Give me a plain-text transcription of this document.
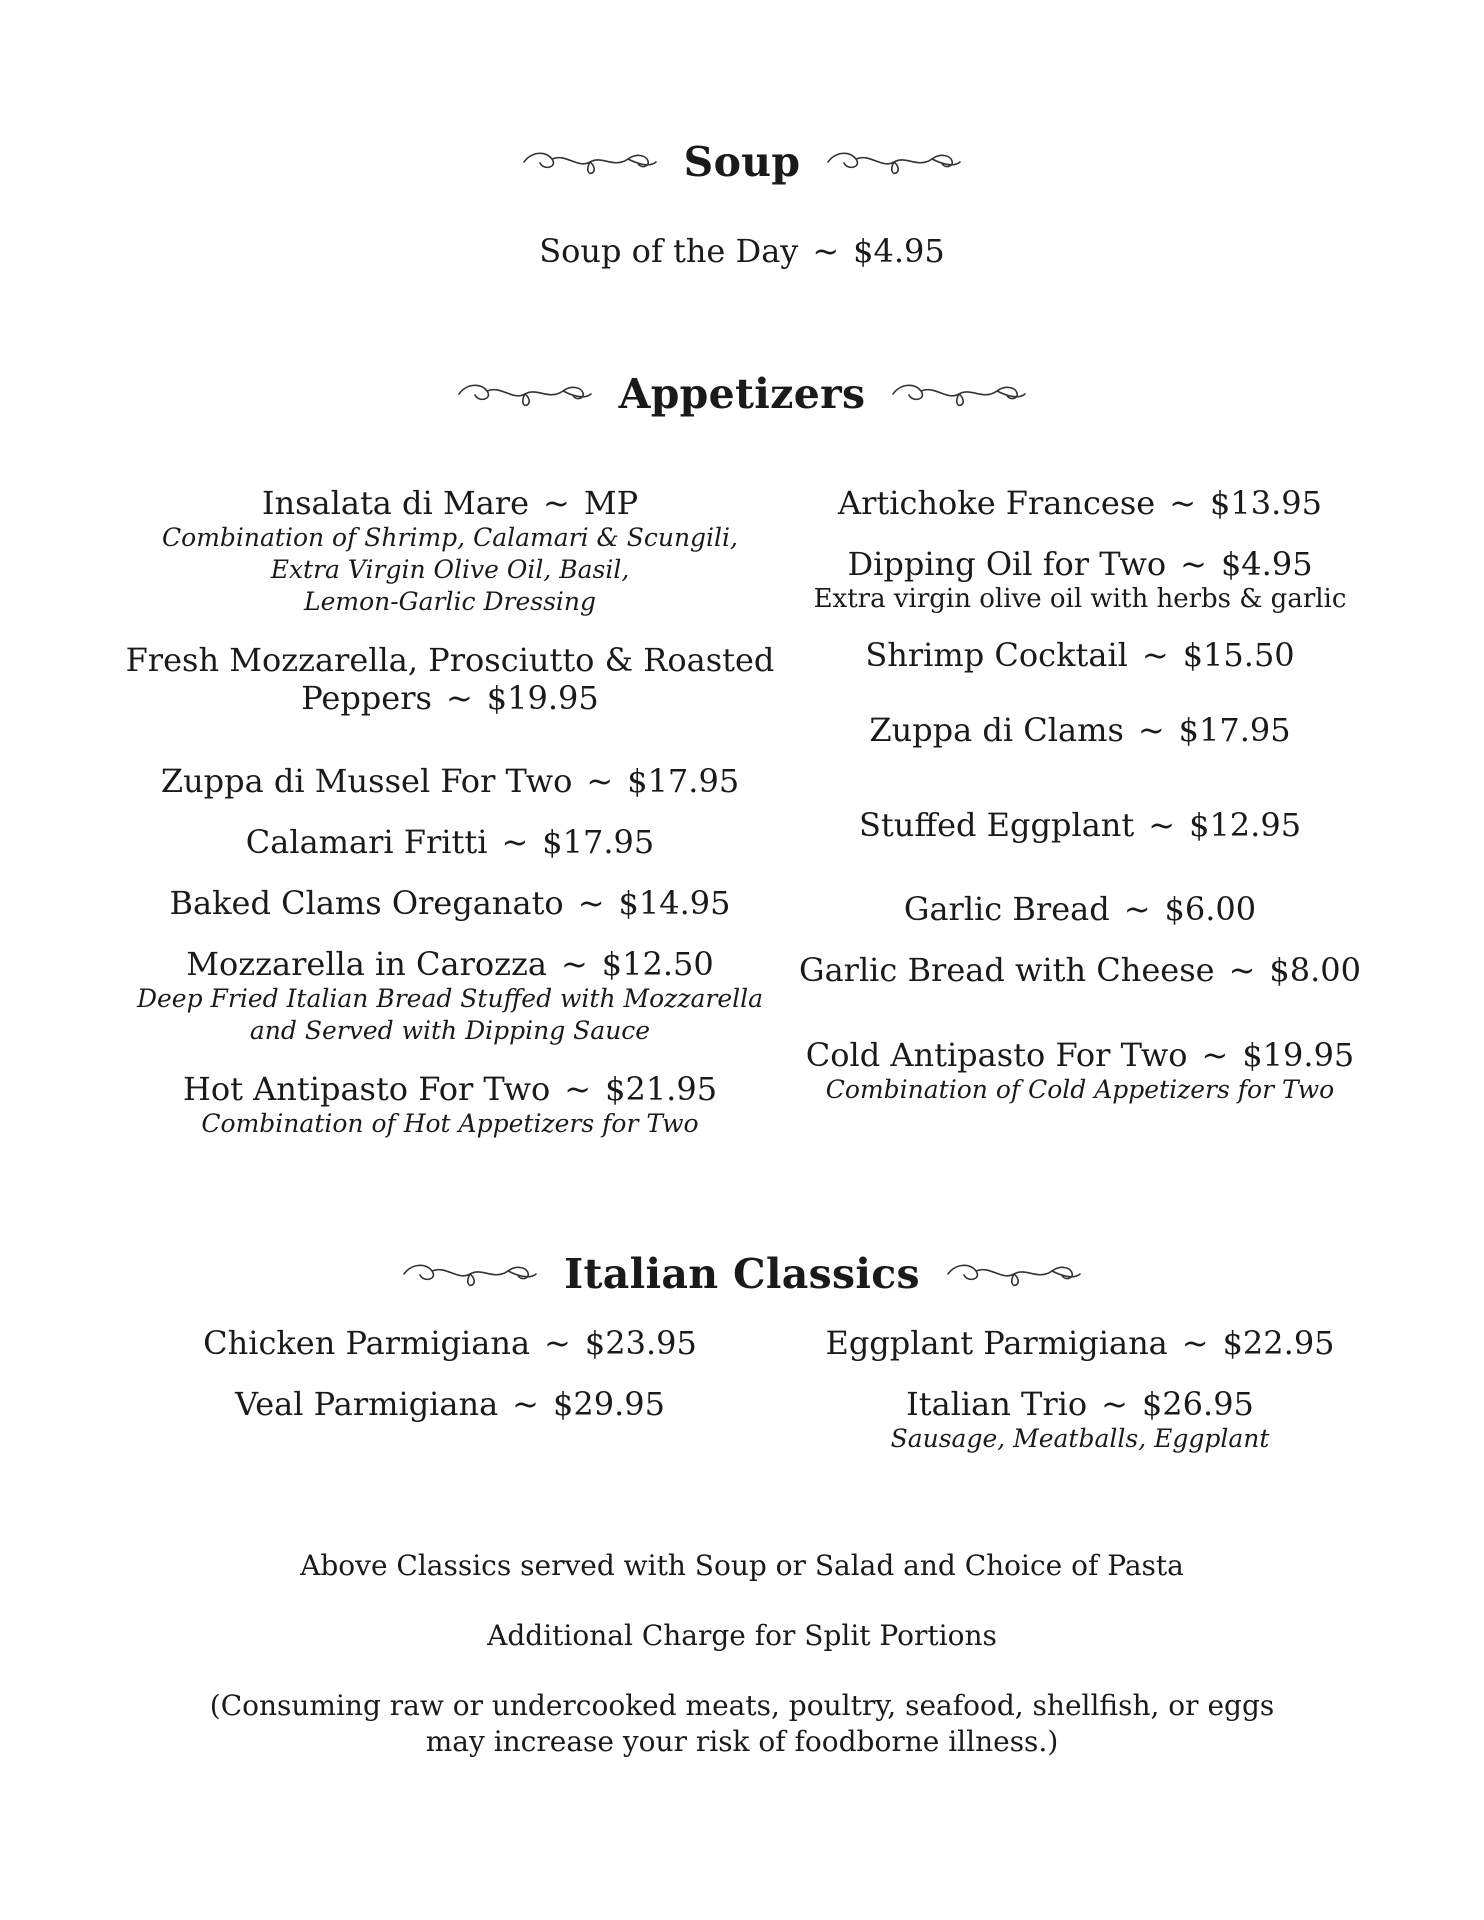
Soup
Soup of the Day ~ $4.95
Appetizers
Insalata di Mare ~ MP
Combination of Shrimp, Calamari & Scungili,
Extra Virgin Olive Oil, Basil,
Lemon-Garlic Dressing
Fresh Mozzarella, Prosciutto & Roasted
Peppers ~ $19.95
Zuppa di Mussel For Two ~ $17.95
Calamari Fritti ~ $17.95
Baked Clams Oreganato ~ $14.95
Mozzarella in Carozza ~ $12.50
Deep Fried Italian Bread Stuffed with Mozzarella
and Served with Dipping Sauce
Hot Antipasto For Two ~ $21.95
Combination of Hot Appetizers for Two
Artichoke Francese ~ $13.95
Dipping Oil for Two ~ $4.95
Extra virgin olive oil with herbs & garlic
Shrimp Cocktail ~ $15.50
Zuppa di Clams ~ $17.95
Stuffed Eggplant ~ $12.95
Garlic Bread ~ $6.00
Garlic Bread with Cheese ~ $8.00
Cold Antipasto For Two ~ $19.95
Combination of Cold Appetizers for Two
Italian Classics
Chicken Parmigiana ~ $23.95
Veal Parmigiana ~ $29.95
Eggplant Parmigiana ~ $22.95
Italian Trio ~ $26.95
Sausage, Meatballs, Eggplant
Above Classics served with Soup or Salad and Choice of Pasta
Additional Charge for Split Portions
(Consuming raw or undercooked meats, poultry, seafood, shellfish, or eggs
may increase your risk of foodborne illness.)
